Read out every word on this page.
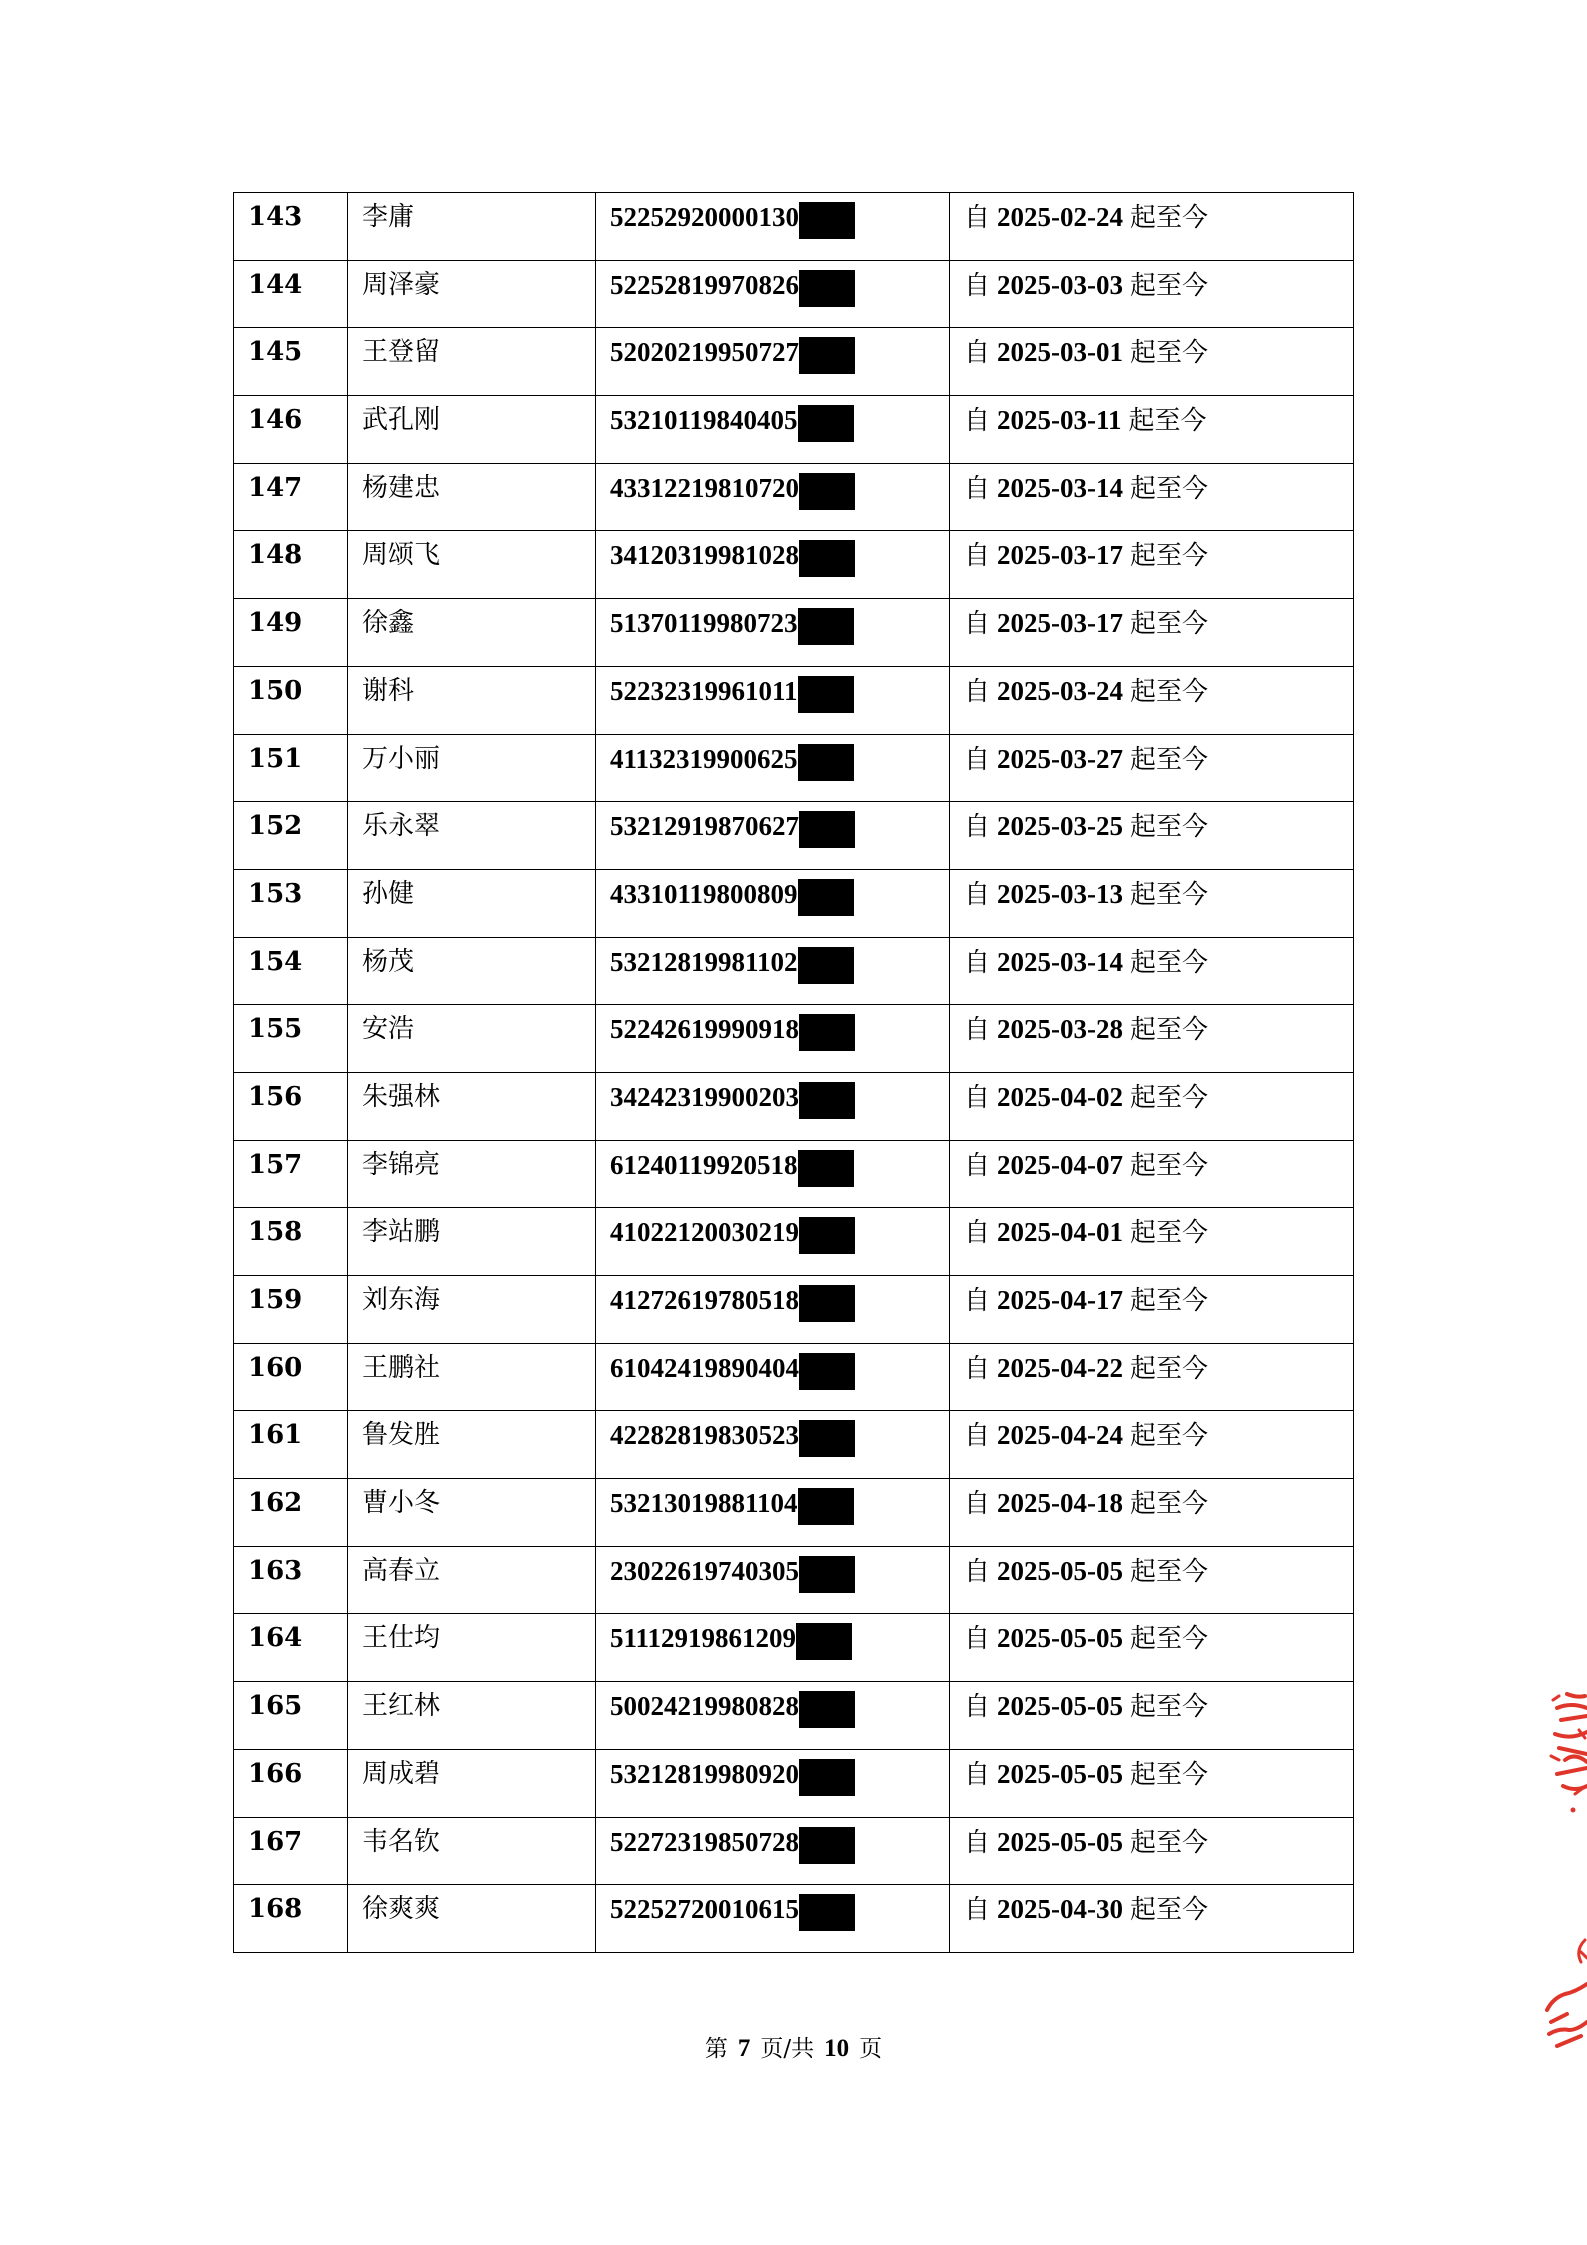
143	李庸	52252920000130	自 2025-02-24 起至今

144	周泽豪	52252819970826	自 2025-03-03 起至今

145	王登留	52020219950727	自 2025-03-01 起至今

146	武孔刚	53210119840405	自 2025-03-11 起至今

147	杨建忠	43312219810720	自 2025-03-14 起至今

148	周颂飞	34120319981028	自 2025-03-17 起至今

149	徐鑫	51370119980723	自 2025-03-17 起至今

150	谢科	52232319961011	自 2025-03-24 起至今

151	万小丽	41132319900625	自 2025-03-27 起至今

152	乐永翠	53212919870627	自 2025-03-25 起至今

153	孙健	43310119800809	自 2025-03-13 起至今

154	杨茂	53212819981102	自 2025-03-14 起至今

155	安浩	52242619990918	自 2025-03-28 起至今

156	朱强林	34242319900203	自 2025-04-02 起至今

157	李锦亮	61240119920518	自 2025-04-07 起至今

158	李站鹏	41022120030219	自 2025-04-01 起至今

159	刘东海	41272619780518	自 2025-04-17 起至今

160	王鹏社	61042419890404	自 2025-04-22 起至今

161	鲁发胜	42282819830523	自 2025-04-24 起至今

162	曹小冬	53213019881104	自 2025-04-18 起至今

163	高春立	23022619740305	自 2025-05-05 起至今

164	王仕均	51112919861209	自 2025-05-05 起至今

165	王红林	50024219980828	自 2025-05-05 起至今

166	周成碧	53212819980920	自 2025-05-05 起至今

167	韦名钦	52272319850728	自 2025-05-05 起至今

168	徐爽爽	52252720010615	自 2025-04-30 起至今
第 7 页/共 10 页
